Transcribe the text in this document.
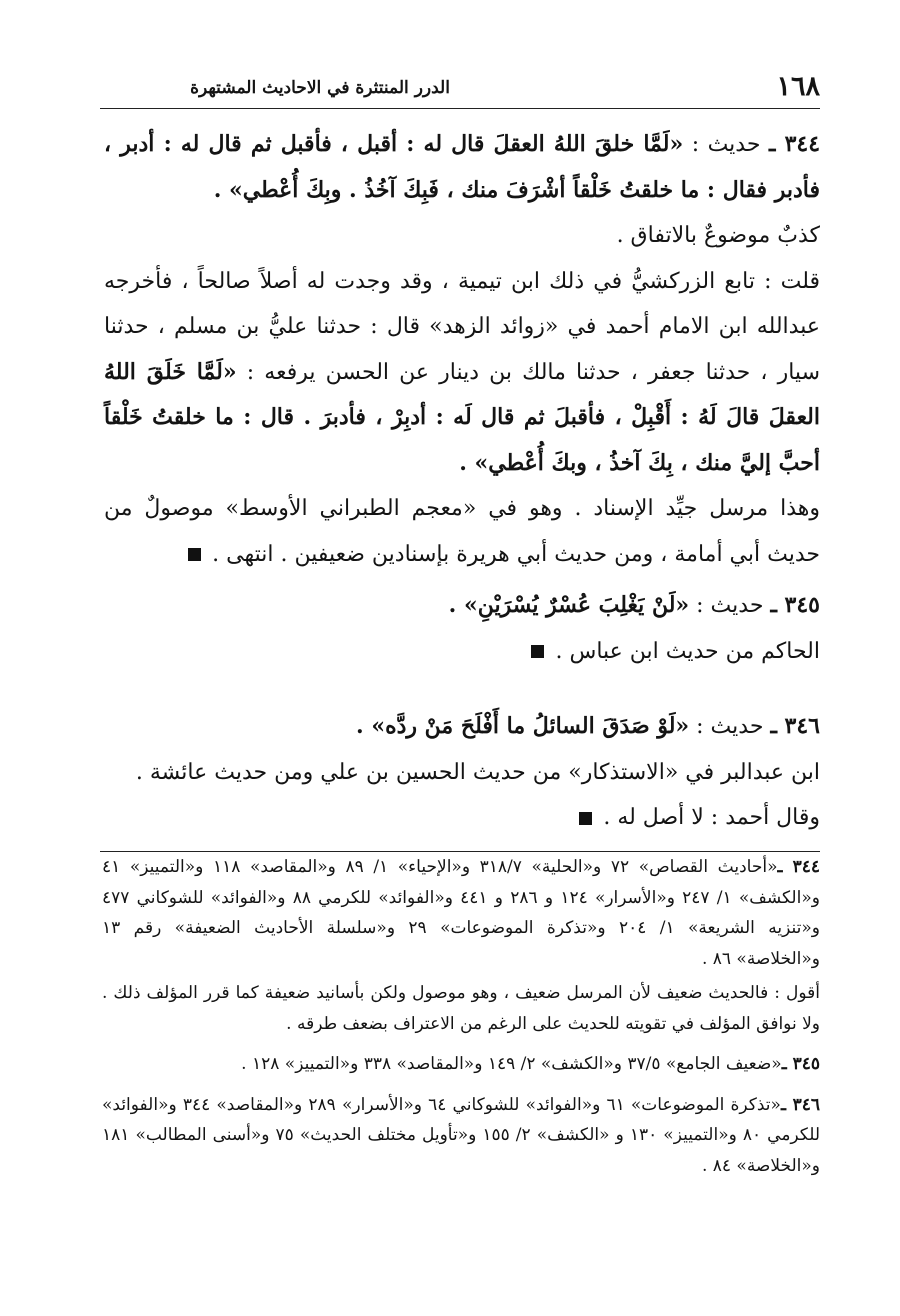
١٦٨
الدرر المنتثرة في الاحاديث المشتهرة

٣٤٤ ـ حديث : «لَمَّا خلقَ اللهُ العقلَ قال له : أقبل ، فأقبل ثم قال له : أدبر ، فأدبر فقال : ما خلقتُ خَلْقاً أشْرَفَ منك ، فَبِكَ آخُذُ . وبِكَ أُعْطي» .

كذبٌ موضوعٌ بالاتفاق .

قلت : تابع الزركشيُّ في ذلك ابن تيمية ، وقد وجدت له أصلاً صالحاً ، فأخرجه عبدالله ابن الامام أحمد في «زوائد الزهد» قال : حدثنا عليُّ بن مسلم ، حدثنا سيار ، حدثنا جعفر ، حدثنا مالك بن دينار عن الحسن يرفعه : «لَمَّا خَلَقَ اللهُ العقلَ قالَ لَهُ : أَقْبِلْ ، فأقبلَ ثم قال لَه : أدبِرْ ، فأدبرَ . قال : ما خلقتُ خَلْقاً أحبَّ إليَّ منك ، بِكَ آخذُ ، وبكَ أُعْطي» .

وهذا مرسل جيِّد الإسناد . وهو في «معجم الطبراني الأوسط» موصولٌ من حديث أبي أمامة ، ومن حديث أبي هريرة بإسنادين ضعيفين . انتهى .

٣٤٥ ـ حديث : «لَنْ يَغْلِبَ عُسْرٌ يُسْرَيْنِ» .

الحاكم من حديث ابن عباس .

٣٤٦ ـ حديث : «لَوْ صَدَقَ السائلُ ما أَفْلَحَ مَنْ ردَّه» .

ابن عبدالبر في «الاستذكار» من حديث الحسين بن علي ومن حديث عائشة .

وقال أحمد : لا أصل له .

٣٤٤ ـ«أحاديث القصاص» ٧٢ و«الحلية» ٣١٨/٧ و«الإحياء» ١/ ٨٩ و«المقاصد» ١١٨ و«التمييز» ٤١ و«الكشف» ١/ ٢٤٧ و«الأسرار» ١٢٤ و ٢٨٦ و ٤٤١ و«الفوائد» للكرمي ٨٨ و«الفوائد» للشوكاني ٤٧٧ و«تنزيه الشريعة» ١/ ٢٠٤ و«تذكرة الموضوعات» ٢٩ و«سلسلة الأحاديث الضعيفة» رقم ١٣ و«الخلاصة» ٨٦ .

أقول : فالحديث ضعيف لأن المرسل ضعيف ، وهو موصول ولكن بأسانيد ضعيفة كما قرر المؤلف ذلك . ولا نوافق المؤلف في تقويته للحديث على الرغم من الاعتراف بضعف طرقه .

٣٤٥ ـ«ضعيف الجامع» ٣٧/٥ و«الكشف» ٢/ ١٤٩ و«المقاصد» ٣٣٨ و«التمييز» ١٢٨ .

٣٤٦ ـ«تذكرة الموضوعات» ٦١ و«الفوائد» للشوكاني ٦٤ و«الأسرار» ٢٨٩ و«المقاصد» ٣٤٤ و«الفوائد» للكرمي ٨٠ و«التمييز» ١٣٠ و «الكشف» ٢/ ١٥٥ و«تأويل مختلف الحديث» ٧٥ و«أسنى المطالب» ١٨١ و«الخلاصة» ٨٤ .
